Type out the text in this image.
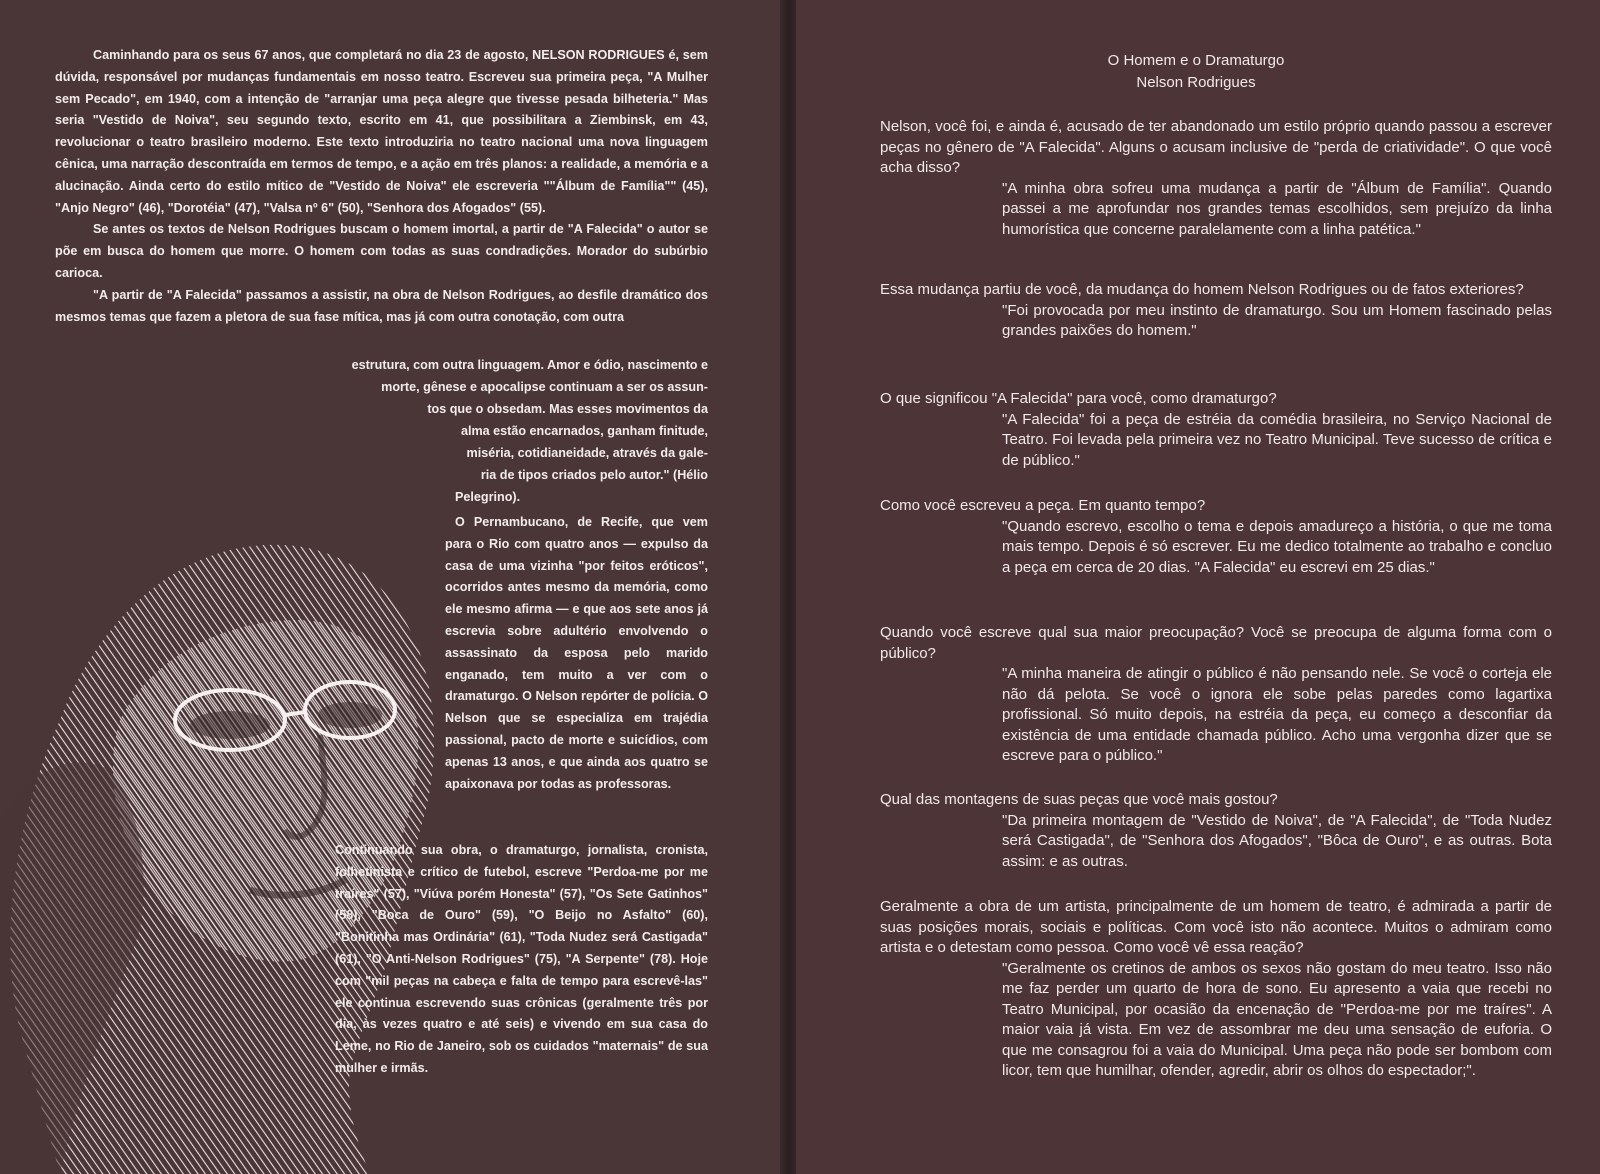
Caminhando para os seus 67 anos, que completará no dia 23 de agosto, NELSON RODRIGUES é, sem dúvida, responsável por mudanças fundamentais em nosso teatro. Escreveu sua primeira peça, "A Mulher sem Pecado", em 1940, com a intenção de "arranjar uma peça alegre que tivesse pesada bilheteria." Mas seria "Vestido de Noiva", seu segundo texto, escrito em 41, que possibilitara a Ziembinsk, em 43, revolucionar o teatro brasileiro moderno. Este texto introduziria no teatro nacional uma nova linguagem cênica, uma narração descontraída em termos de tempo, e a ação em três planos: a realidade, a memória e a alucinação. Ainda certo do estilo mítico de "Vestido de Noiva" ele escreveria ""Álbum de Família"" (45), "Anjo Negro" (46), "Dorotéia" (47), "Valsa nº 6" (50), "Senhora dos Afogados" (55).

Se antes os textos de Nelson Rodrigues buscam o homem imortal, a partir de "A Falecida" o autor se põe em busca do homem que morre. O homem com todas as suas condradições. Morador do subúrbio carioca.

"A partir de "A Falecida" passamos a assistir, na obra de Nelson Rodrigues, ao desfile dramático dos mesmos temas que fazem a pletora de sua fase mítica, mas já com outra conotação, com outra

estrutura, com outra linguagem. Amor e ódio, nascimento e
morte, gênese e apocalipse continuam a ser os assun-
tos que o obsedam. Mas esses movimentos da
alma estão encarnados, ganham finitude,
miséria, cotidianeidade, através da gale-
ria de tipos criados pelo autor." (Hélio
Pelegrino).

O Pernambucano, de Recife, que vem para o Rio com quatro anos — expulso da casa de uma vizinha "por feitos eróticos", ocorridos antes mesmo da memória, como ele mesmo afirma — e que aos sete anos já escrevia sobre adultério envolvendo o assassinato da esposa pelo marido enganado, tem muito a ver com o dramaturgo. O Nelson repórter de polícia. O Nelson que se especializa em trajédia passional, pacto de morte e suicídios, com apenas 13 anos, e que ainda aos quatro se apaixonava por todas as professoras.

Continuando sua obra, o dramaturgo, jornalista, cronista, folhetinista e crítico de futebol, escreve "Perdoa-me por me traíres" (57), "Viúva porém Honesta" (57), "Os Sete Gatinhos" (58), "Boca de Ouro" (59), "O Beijo no Asfalto" (60), "Bonitinha mas Ordinária" (61), "Toda Nudez será Castigada" (61), "O Anti-Nelson Rodrigues" (75), "A Serpente" (78). Hoje com "mil peças na cabeça e falta de tempo para escrevê-las" ele continua escrevendo suas crônicas (geralmente três por dia, às vezes quatro e até seis) e vivendo em sua casa do Leme, no Rio de Janeiro, sob os cuidados "maternais" de sua mulher e irmãs.

O Homem e o Dramaturgo
Nelson Rodrigues

Nelson, você foi, e ainda é, acusado de ter abandonado um estilo próprio quando passou a escrever peças no gênero de "A Falecida". Alguns o acusam inclusive de "perda de criatividade". O que você acha disso?

"A minha obra sofreu uma mudança a partir de "Álbum de Família". Quando passei a me aprofundar nos grandes temas escolhidos, sem prejuízo da linha humorística que concerne paralelamente com a linha patética."

Essa mudança partiu de você, da mudança do homem Nelson Rodrigues ou de fatos exteriores?

"Foi provocada por meu instinto de dramaturgo. Sou um Homem fascinado pelas grandes paixões do homem."

O que significou "A Falecida" para você, como dramaturgo?

"A Falecida" foi a peça de estréia da comédia brasileira, no Serviço Nacional de Teatro. Foi levada pela primeira vez no Teatro Municipal. Teve sucesso de crítica e de público."

Como você escreveu a peça. Em quanto tempo?

"Quando escrevo, escolho o tema e depois amadureço a história, o que me toma mais tempo. Depois é só escrever. Eu me dedico totalmente ao trabalho e concluo a peça em cerca de 20 dias. "A Falecida" eu escrevi em 25 dias."

Quando você escreve qual sua maior preocupação? Você se preocupa de alguma forma com o público?

"A minha maneira de atingir o público é não pensando nele. Se você o corteja ele não dá pelota. Se você o ignora ele sobe pelas paredes como lagartixa profissional. Só muito depois, na estréia da peça, eu começo a desconfiar da existência de uma entidade chamada público. Acho uma vergonha dizer que se escreve para o público."

Qual das montagens de suas peças que você mais gostou?

"Da primeira montagem de "Vestido de Noiva", de "A Falecida", de "Toda Nudez será Castigada", de "Senhora dos Afogados", "Bôca de Ouro", e as outras. Bota assim: e as outras.

Geralmente a obra de um artista, principalmente de um homem de teatro, é admirada a partir de suas posições morais, sociais e políticas. Com você isto não acontece. Muitos o admiram como artista e o detestam como pessoa. Como você vê essa reação?

"Geralmente os cretinos de ambos os sexos não gostam do meu teatro. Isso não me faz perder um quarto de hora de sono. Eu apresento a vaia que recebi no Teatro Municipal, por ocasião da encenação de "Perdoa-me por me traíres". A maior vaia já vista. Em vez de assombrar me deu uma sensação de euforia. O que me consagrou foi a vaia do Municipal. Uma peça não pode ser bombom com licor, tem que humilhar, ofender, agredir, abrir os olhos do espectador;".
